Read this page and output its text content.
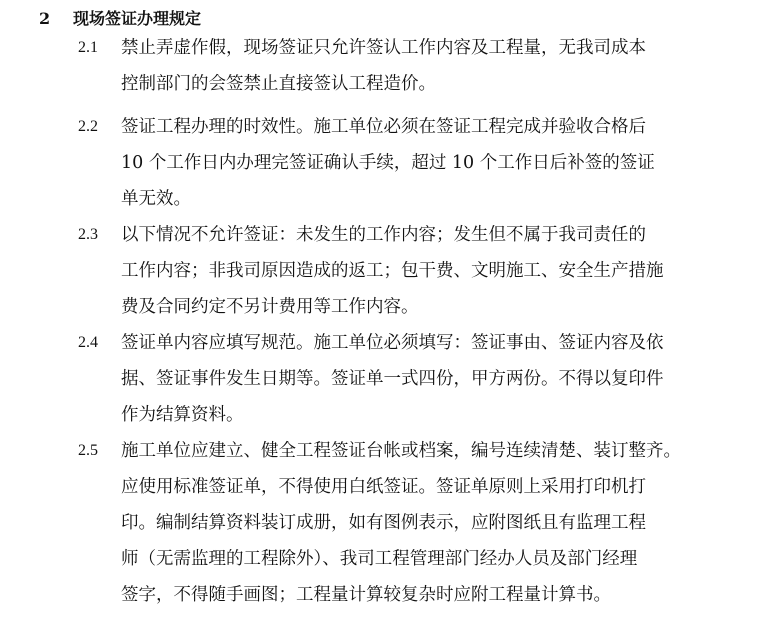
2 现场签证办理规定
2.1 禁止弄虚作假，现场签证只允许签认工作内容及工程量，无我司成本
控制部门的会签禁止直接签认工程造价。
2.2 签证工程办理的时效性。施工单位必须在签证工程完成并验收合格后
10 个工作日内办理完签证确认手续，超过 10 个工作日后补签的签证
单无效。
2.3 以下情况不允许签证：未发生的工作内容；发生但不属于我司责任的
工作内容；非我司原因造成的返工；包干费、文明施工、安全生产措施
费及合同约定不另计费用等工作内容。
2.4 签证单内容应填写规范。施工单位必须填写：签证事由、签证内容及依
据、签证事件发生日期等。签证单一式四份，甲方两份。不得以复印件
作为结算资料。
2.5 施工单位应建立、健全工程签证台帐或档案，编号连续清楚、装订整齐。
应使用标准签证单，不得使用白纸签证。签证单原则上采用打印机打
印。编制结算资料装订成册，如有图例表示，应附图纸且有监理工程
师（无需监理的工程除外）、我司工程管理部门经办人员及部门经理
签字，不得随手画图；工程量计算较复杂时应附工程量计算书。
